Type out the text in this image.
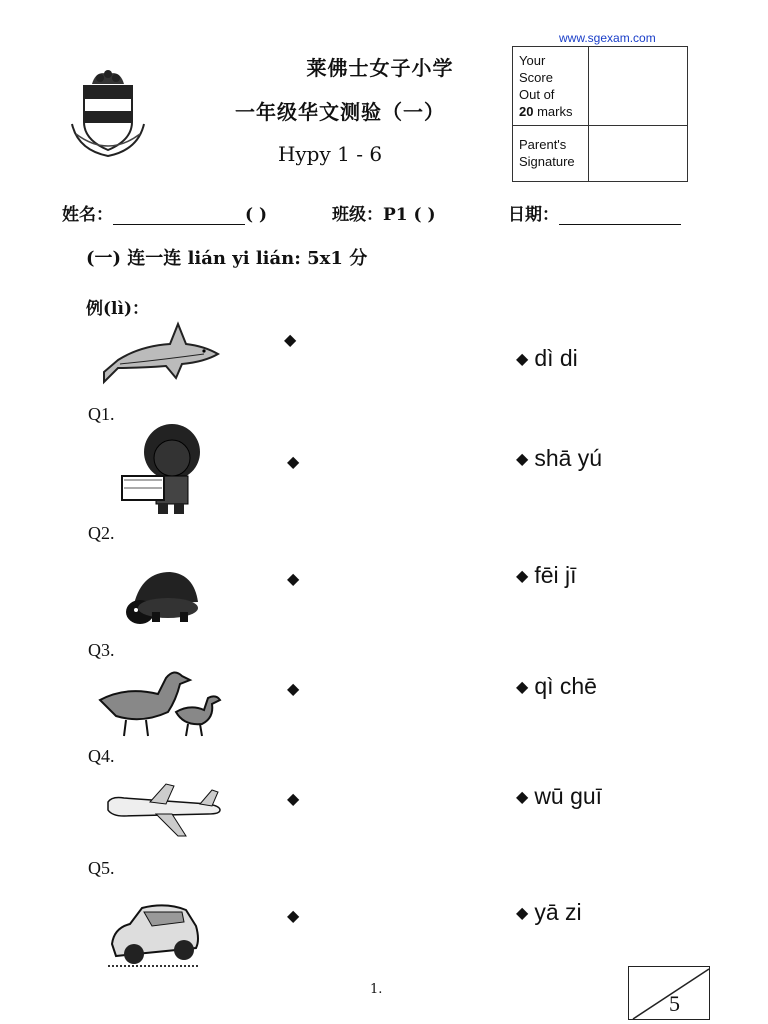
www.sgexam.com
莱佛士女子小学
一年级华文测验（一）
Hypy 1 - 6
Your
Score
Out of
20 marks
Parent's
Signature
姓名：	( )	班级：P1 ( )	日期：
(一) 连一连 lián yi lián: 5x1 分
例(lì)：
Q1.
Q2.
Q3.
Q4.
Q5.
◆
◆
◆
◆
◆
◆
◆ dì di
◆ shā yú
◆ fēi jī
◆ qì chē
◆ wū guī
◆ yā zi
1.
5
